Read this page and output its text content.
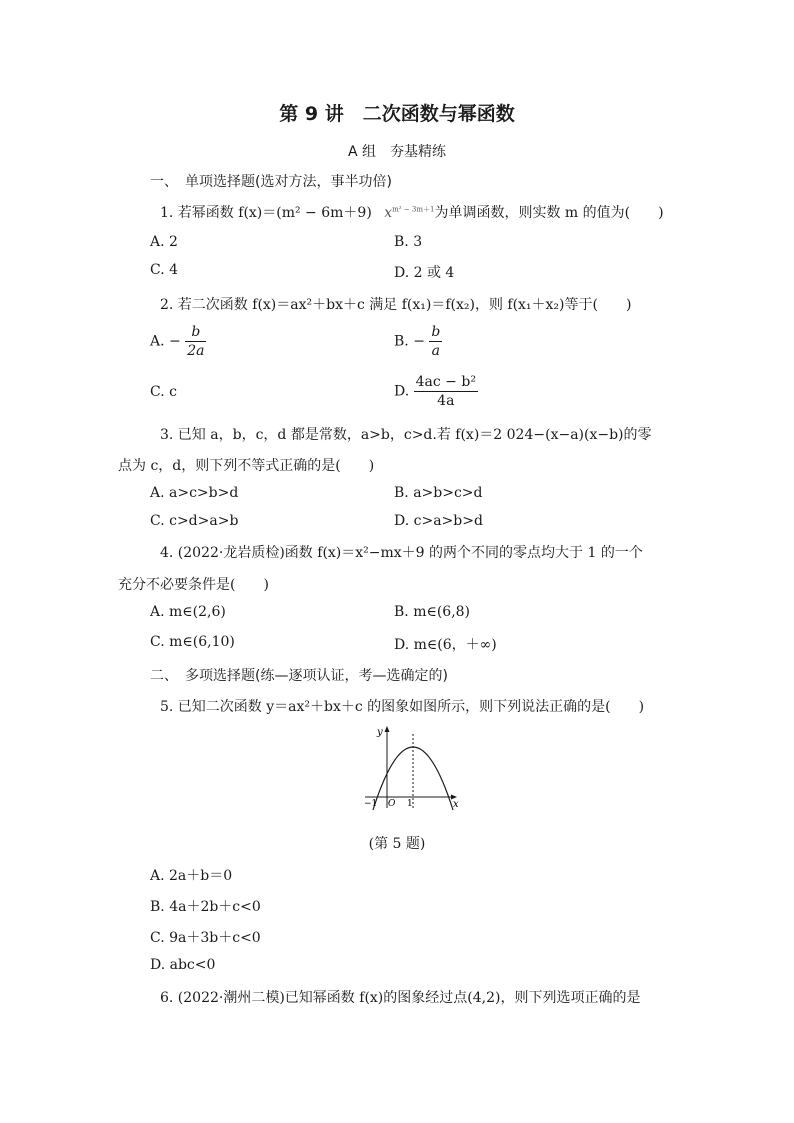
第 9 讲　二次函数与幂函数
A 组　夯基精练
一、　单项选择题(选对方法，事半功倍)
1. 若幂函数 f(x)＝(m² − 6m＋9) $x^{m^2 - 3m+1}$为单调函数，则实数 m 的值为(　　)
A. 2	B. 3
C. 4	D. 2 或 4
2. 若二次函数 f(x)＝ax²＋bx＋c 满足 f(x₁)＝f(x₂)，则 f(x₁＋x₂)等于(　　)
A. − $\frac{b}{2a}$	B. − $\frac{b}{a}$
C. c	D. $\frac{\text{4ac − b²}}{4a}$
3. 已知 a，b，c，d 都是常数，a>b，c>d.若 f(x)＝2 024−(x−a)(x−b)的零
点为 c，d，则下列不等式正确的是(　　)
A. a>c>b>d	B. a>b>c>d
C. c>d>a>b	D. c>a>b>d
4. (2022·龙岩质检)函数 f(x)＝x²−mx＋9 的两个不同的零点均大于 1 的一个
充分不必要条件是(　　)
A. m∈(2,6)	B. m∈(6,8)
C. m∈(6,10)	D. m∈(6，＋∞)
二、　多项选择题(练—逐项认证，考—选确定的)
5. 已知二次函数 y＝ax²＋bx＋c 的图象如图所示，则下列说法正确的是(　　)
y
x
O
−1	1
(第 5 题)
A. 2a＋b＝0
B. 4a＋2b＋c<0
C. 9a＋3b＋c<0
D. abc<0
6. (2022·潮州二模)已知幂函数 f(x)的图象经过点(4,2)，则下列选项正确的是
